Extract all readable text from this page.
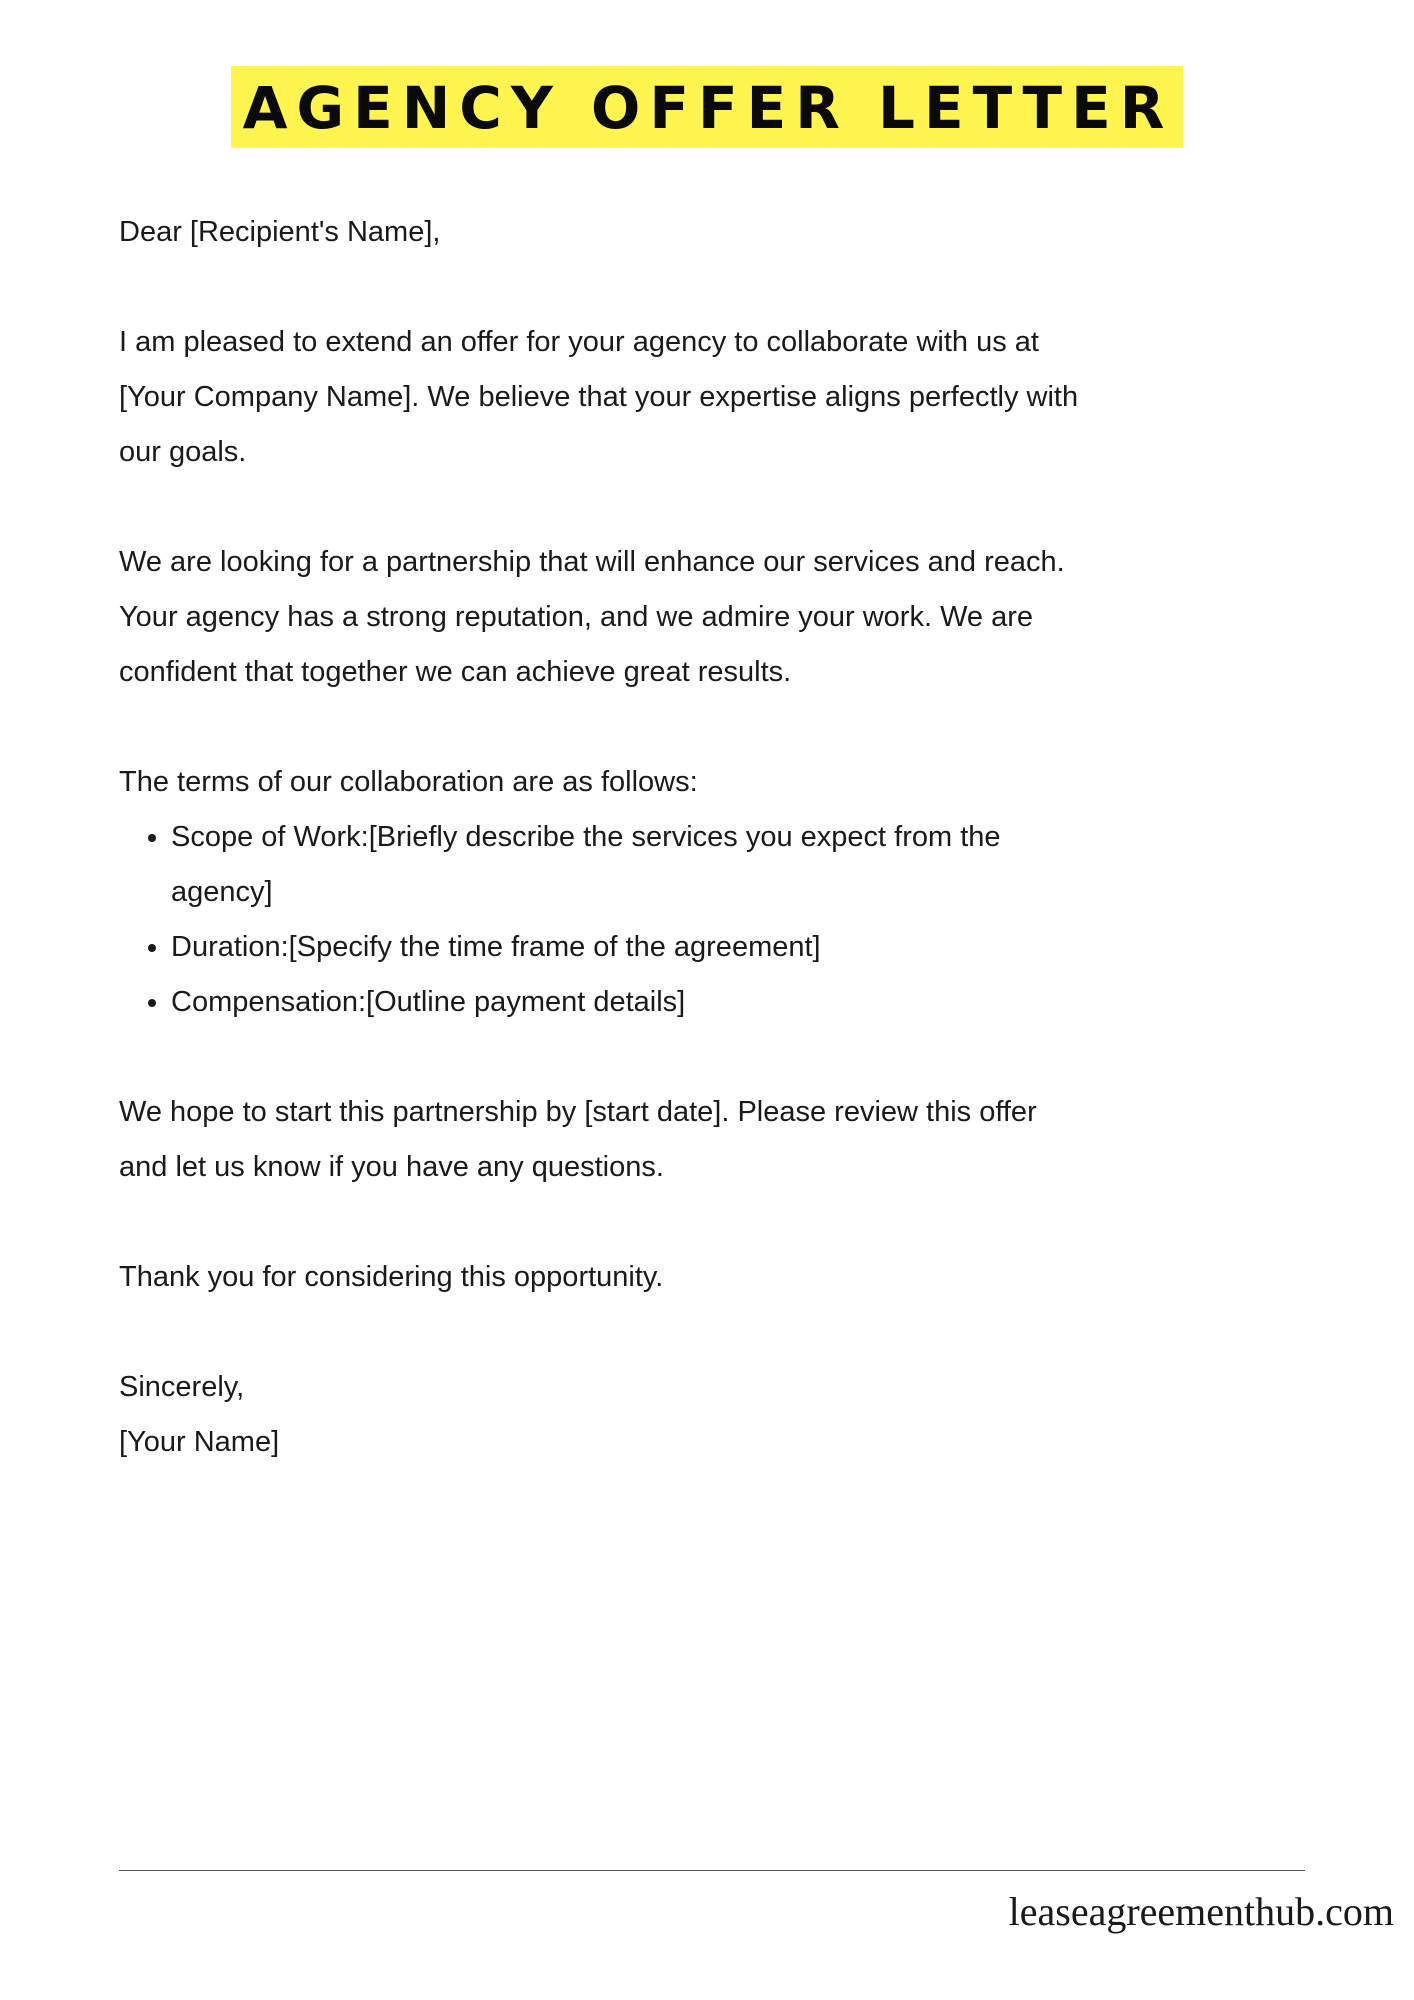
AGENCY OFFER LETTER

Dear [Recipient's Name],

I am pleased to extend an offer for your agency to collaborate with us at

[Your Company Name]. We believe that your expertise aligns perfectly with

our goals.

We are looking for a partnership that will enhance our services and reach.

Your agency has a strong reputation, and we admire your work. We are

confident that together we can achieve great results.

The terms of our collaboration are as follows:

• Scope of Work:[Briefly describe the services you expect from the
agency]
• Duration:[Specify the time frame of the agreement]
• Compensation:[Outline payment details]

We hope to start this partnership by [start date]. Please review this offer

and let us know if you have any questions.

Thank you for considering this opportunity.

Sincerely,

[Your Name]

leaseagreementhub.com
